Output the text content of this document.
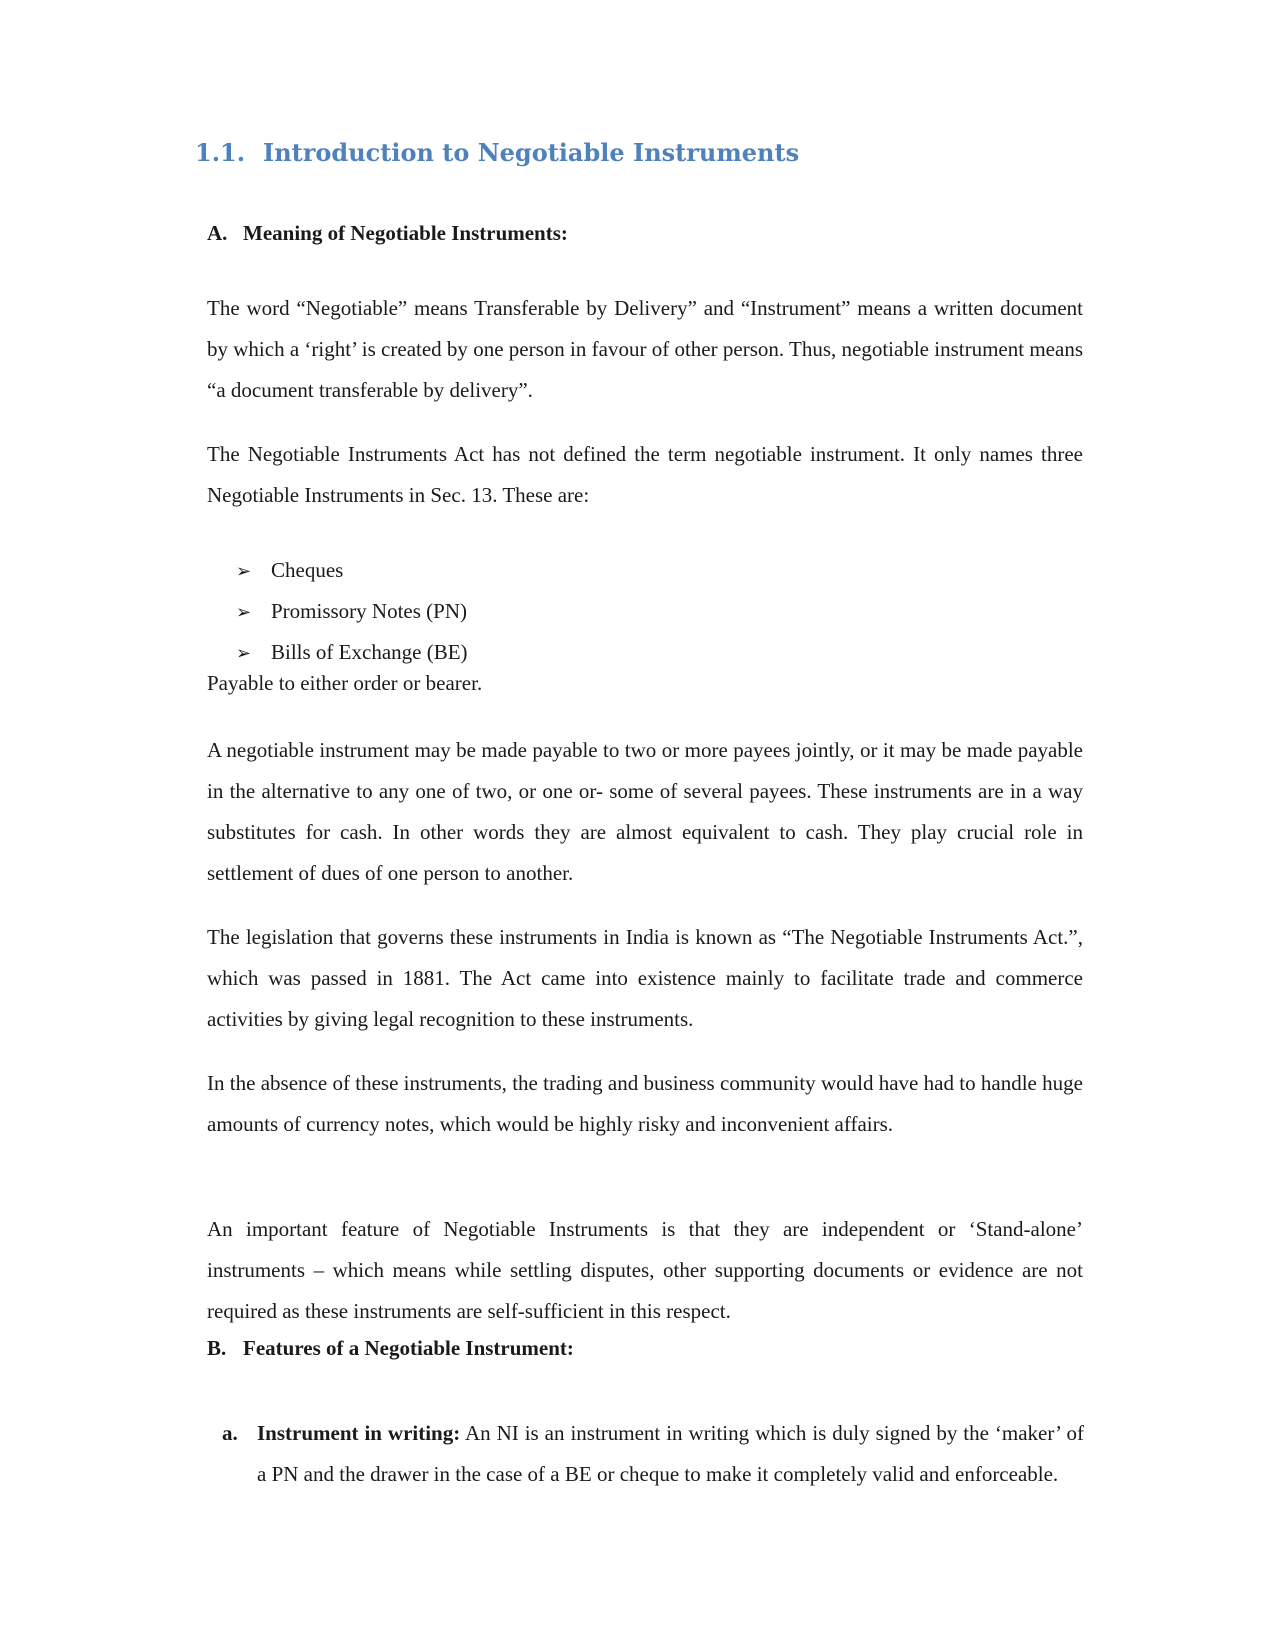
1.1. Introduction to Negotiable Instruments
A. Meaning of Negotiable Instruments:
The word “Negotiable” means Transferable by Delivery” and “Instrument” means a written document by which a ‘right’ is created by one person in favour of other person. Thus, negotiable instrument means “a document transferable by delivery”.
The Negotiable Instruments Act has not defined the term negotiable instrument. It only names three Negotiable Instruments in Sec. 13. These are:
➢ Cheques
➢ Promissory Notes (PN)
➢ Bills of Exchange (BE)
Payable to either order or bearer.
A negotiable instrument may be made payable to two or more payees jointly, or it may be made payable in the alternative to any one of two, or one or- some of several payees. These instruments are in a way substitutes for cash. In other words they are almost equivalent to cash. They play crucial role in settlement of dues of one person to another.
The legislation that governs these instruments in India is known as “The Negotiable Instruments Act.”, which was passed in 1881. The Act came into existence mainly to facilitate trade and commerce activities by giving legal recognition to these instruments.
In the absence of these instruments, the trading and business community would have had to handle huge amounts of currency notes, which would be highly risky and inconvenient affairs.
An important feature of Negotiable Instruments is that they are independent or ‘Stand-alone’ instruments – which means while settling disputes, other supporting documents or evidence are not required as these instruments are self-sufficient in this respect.
B. Features of a Negotiable Instrument:
a. Instrument in writing: An NI is an instrument in writing which is duly signed by the ‘maker’ of a PN and the drawer in the case of a BE or cheque to make it completely valid and enforceable.
